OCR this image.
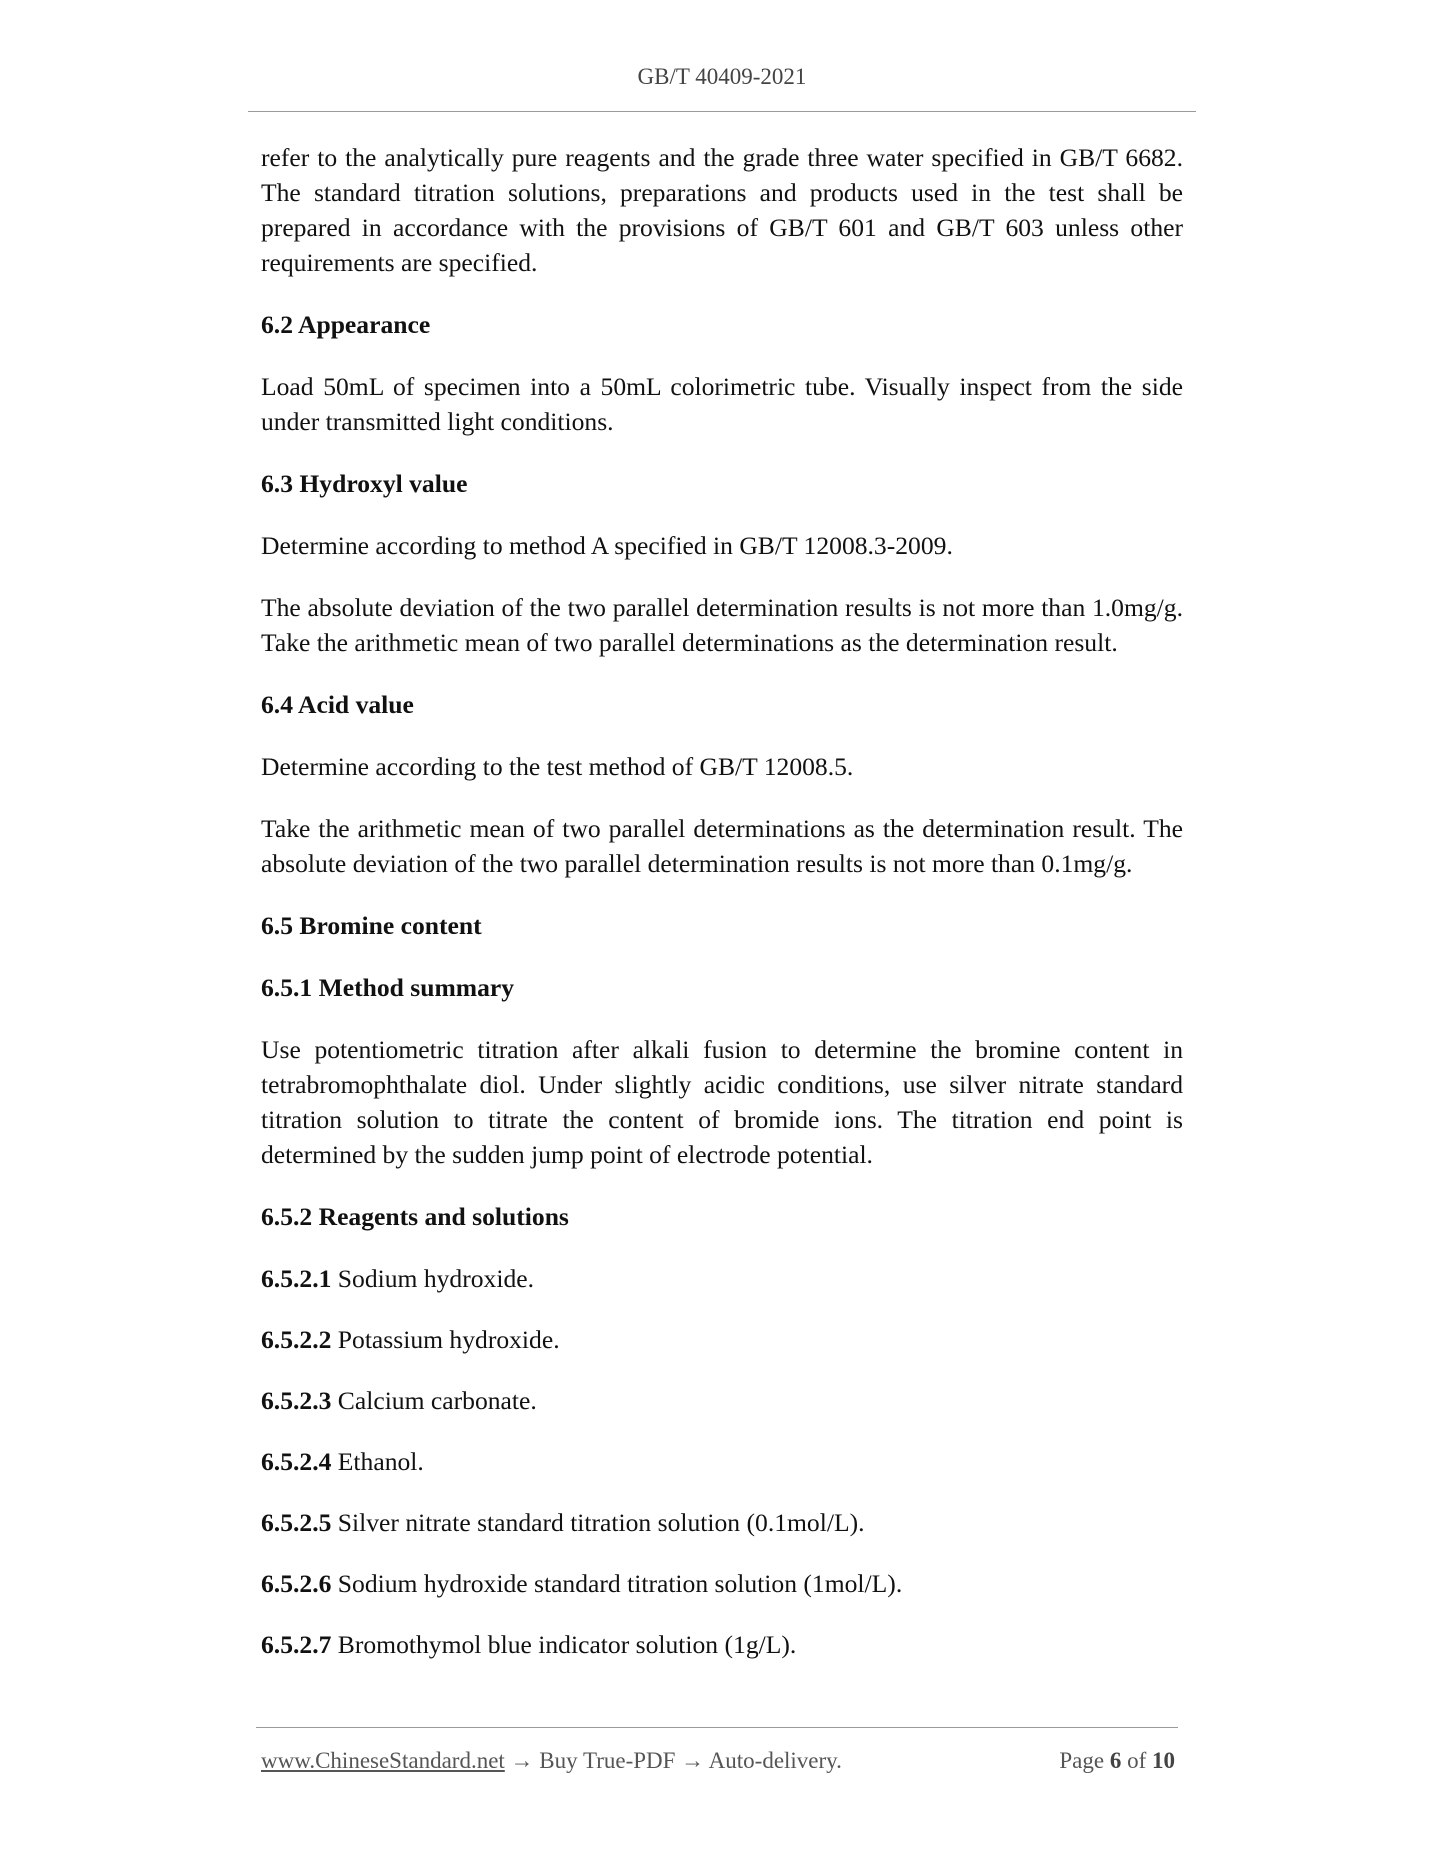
GB/T 40409-2021

refer to the analytically pure reagents and the grade three water specified in GB/T 6682. The standard titration solutions, preparations and products used in the test shall be prepared in accordance with the provisions of GB/T 601 and GB/T 603 unless other requirements are specified.

6.2 Appearance

Load 50mL of specimen into a 50mL colorimetric tube. Visually inspect from the side under transmitted light conditions.

6.3 Hydroxyl value

Determine according to method A specified in GB/T 12008.3-2009.

The absolute deviation of the two parallel determination results is not more than 1.0mg/g. Take the arithmetic mean of two parallel determinations as the determination result.

6.4 Acid value

Determine according to the test method of GB/T 12008.5.

Take the arithmetic mean of two parallel determinations as the determination result. The absolute deviation of the two parallel determination results is not more than 0.1mg/g.

6.5 Bromine content
6.5.1 Method summary

Use potentiometric titration after alkali fusion to determine the bromine content in tetrabromophthalate diol. Under slightly acidic conditions, use silver nitrate standard titration solution to titrate the content of bromide ions. The titration end point is determined by the sudden jump point of electrode potential.

6.5.2 Reagents and solutions
6.5.2.1 Sodium hydroxide.
6.5.2.2 Potassium hydroxide.
6.5.2.3 Calcium carbonate.
6.5.2.4 Ethanol.
6.5.2.5 Silver nitrate standard titration solution (0.1mol/L).
6.5.2.6 Sodium hydroxide standard titration solution (1mol/L).
6.5.2.7 Bromothymol blue indicator solution (1g/L).
www.ChineseStandard.net → Buy True-PDF → Auto-delivery.	Page 6 of 10
